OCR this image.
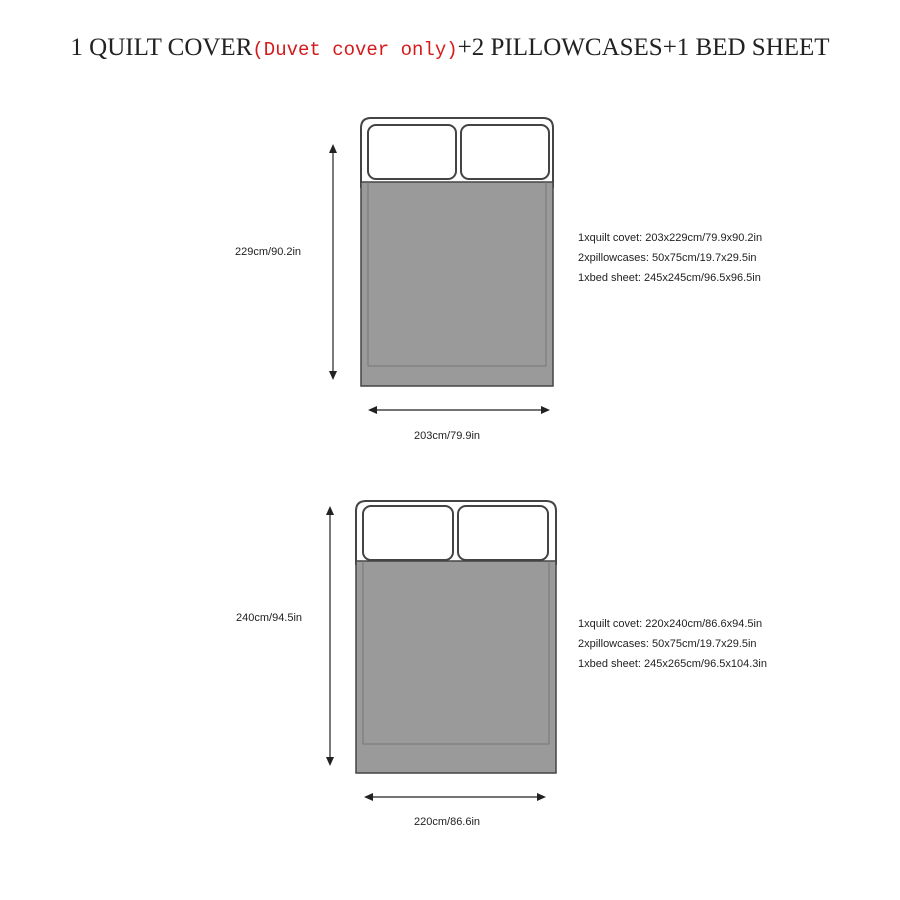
1 QUILT COVER(Duvet cover only)+2 PILLOWCASES+1 BED SHEET
229cm/90.2in
203cm/79.9in
1xquilt covet: 203x229cm/79.9x90.2in
2xpillowcases: 50x75cm/19.7x29.5in
1xbed sheet: 245x245cm/96.5x96.5in
240cm/94.5in
220cm/86.6in
1xquilt covet: 220x240cm/86.6x94.5in
2xpillowcases: 50x75cm/19.7x29.5in
1xbed sheet: 245x265cm/96.5x104.3in
